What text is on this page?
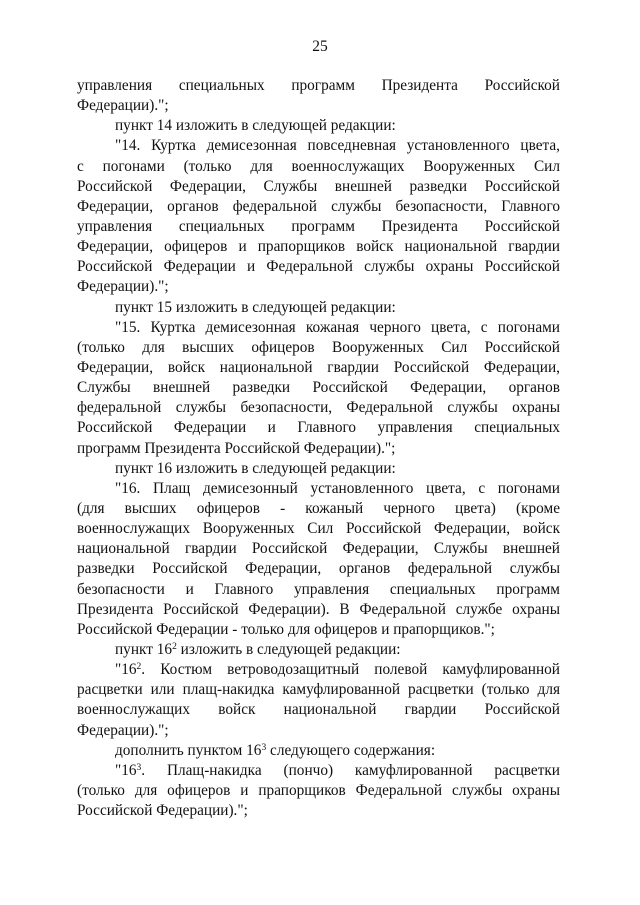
25
управления специальных программ Президента Российской
Федерации).";
пункт 14 изложить в следующей редакции:
"14. Куртка демисезонная повседневная установленного цвета,
с погонами (только для военнослужащих Вооруженных Сил
Российской Федерации, Службы внешней разведки Российской
Федерации, органов федеральной службы безопасности, Главного
управления специальных программ Президента Российской
Федерации, офицеров и прапорщиков войск национальной гвардии
Российской Федерации и Федеральной службы охраны Российской
Федерации).";
пункт 15 изложить в следующей редакции:
"15. Куртка демисезонная кожаная черного цвета, с погонами
(только для высших офицеров Вооруженных Сил Российской
Федерации, войск национальной гвардии Российской Федерации,
Службы внешней разведки Российской Федерации, органов
федеральной службы безопасности, Федеральной службы охраны
Российской Федерации и Главного управления специальных
программ Президента Российской Федерации).";
пункт 16 изложить в следующей редакции:
"16. Плащ демисезонный установленного цвета, с погонами
(для высших офицеров - кожаный черного цвета) (кроме
военнослужащих Вооруженных Сил Российской Федерации, войск
национальной гвардии Российской Федерации, Службы внешней
разведки Российской Федерации, органов федеральной службы
безопасности и Главного управления специальных программ
Президента Российской Федерации). В Федеральной службе охраны
Российской Федерации - только для офицеров и прапорщиков.";
пункт $16^2$ изложить в следующей редакции:
"$16^2$. Костюм ветроводозащитный полевой камуфлированной
расцветки или плащ-накидка камуфлированной расцветки (только для
военнослужащих войск национальной гвардии Российской
Федерации).";
дополнить пунктом $16^3$ следующего содержания:
"$16^3$. Плащ-накидка (пончо) камуфлированной расцветки
(только для офицеров и прапорщиков Федеральной службы охраны
Российской Федерации).";
